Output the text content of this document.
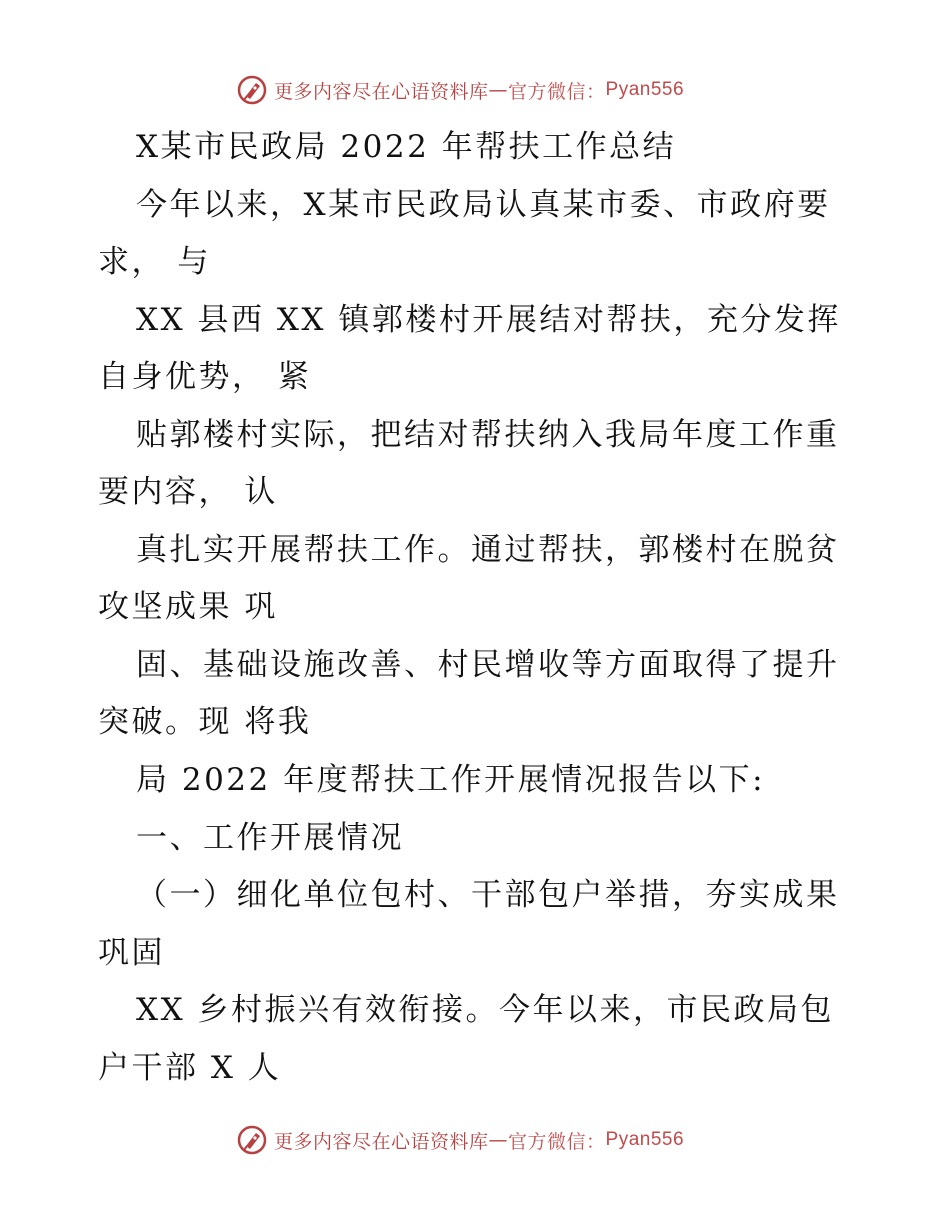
更多内容尽在心语资料库 — 官方微信： Pyan556
X某市民政局 2022 年帮扶工作总结
今年以来，X某市民政局认真某市委、市政府要
求， 与
XX 县西 XX 镇郭楼村开展结对帮扶，充分发挥
自身优势， 紧
贴郭楼村实际，把结对帮扶纳入我局年度工作重
要内容， 认
真扎实开展帮扶工作。通过帮扶，郭楼村在脱贫
攻坚成果 巩
固、基础设施改善、村民增收等方面取得了提升
突破。现 将我
局 2022 年度帮扶工作开展情况报告以下:
一、工作开展情况
（一）细化单位包村、干部包户举措，夯实成果
巩固
XX 乡村振兴有效衔接。今年以来，市民政局包
户干部 X 人
更多内容尽在心语资料库 — 官方微信： Pyan556
